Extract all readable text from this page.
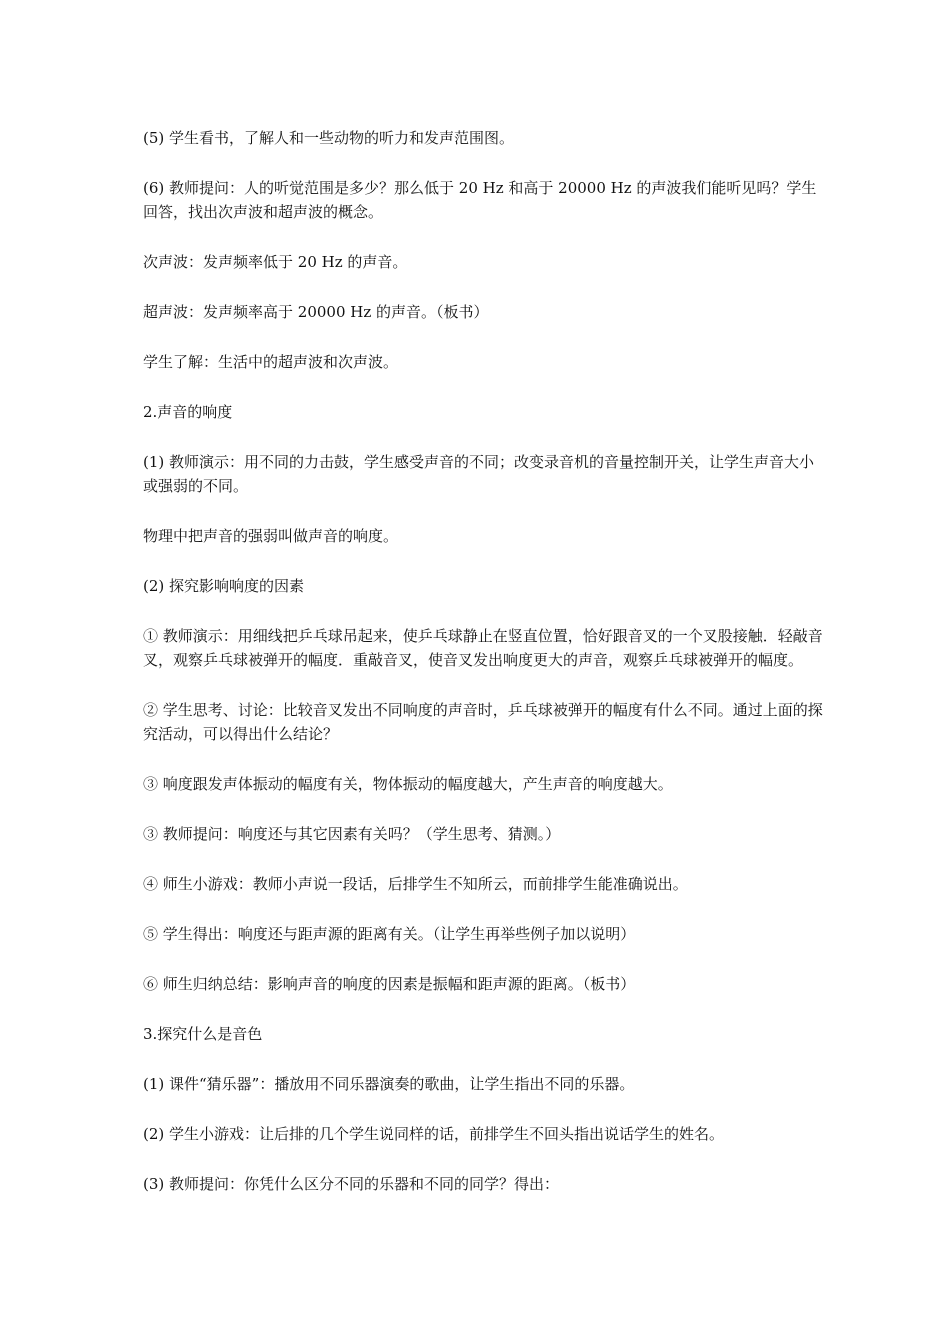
(5) 学生看书，了解人和一些动物的听力和发声范围图。

(6) 教师提问：人的听觉范围是多少？那么低于 20 Hz 和高于 20000 Hz 的声波我们能听见吗？学生回答，找出次声波和超声波的概念。

次声波：发声频率低于 20 Hz 的声音。

超声波：发声频率高于 20000 Hz 的声音。（板书）

学生了解：生活中的超声波和次声波。

2.声音的响度

(1) 教师演示：用不同的力击鼓，学生感受声音的不同；改变录音机的音量控制开关，让学生声音大小或强弱的不同。

物理中把声音的强弱叫做声音的响度。

(2) 探究影响响度的因素

① 教师演示：用细线把乒乓球吊起来，使乒乓球静止在竖直位置，恰好跟音叉的一个叉股接触．轻敲音叉，观察乒乓球被弹开的幅度．重敲音叉，使音叉发出响度更大的声音，观察乒乓球被弹开的幅度。

② 学生思考、讨论：比较音叉发出不同响度的声音时，乒乓球被弹开的幅度有什么不同。通过上面的探究活动，可以得出什么结论？

③ 响度跟发声体振动的幅度有关，物体振动的幅度越大，产生声音的响度越大。

③ 教师提问：响度还与其它因素有关吗？（学生思考、猜测。）

④ 师生小游戏：教师小声说一段话，后排学生不知所云，而前排学生能准确说出。

⑤ 学生得出：响度还与距声源的距离有关。（让学生再举些例子加以说明）

⑥ 师生归纳总结：影响声音的响度的因素是振幅和距声源的距离。（板书）

3.探究什么是音色

(1) 课件“猜乐器”：播放用不同乐器演奏的歌曲，让学生指出不同的乐器。

(2) 学生小游戏：让后排的几个学生说同样的话，前排学生不回头指出说话学生的姓名。

(3) 教师提问：你凭什么区分不同的乐器和不同的同学？得出：
